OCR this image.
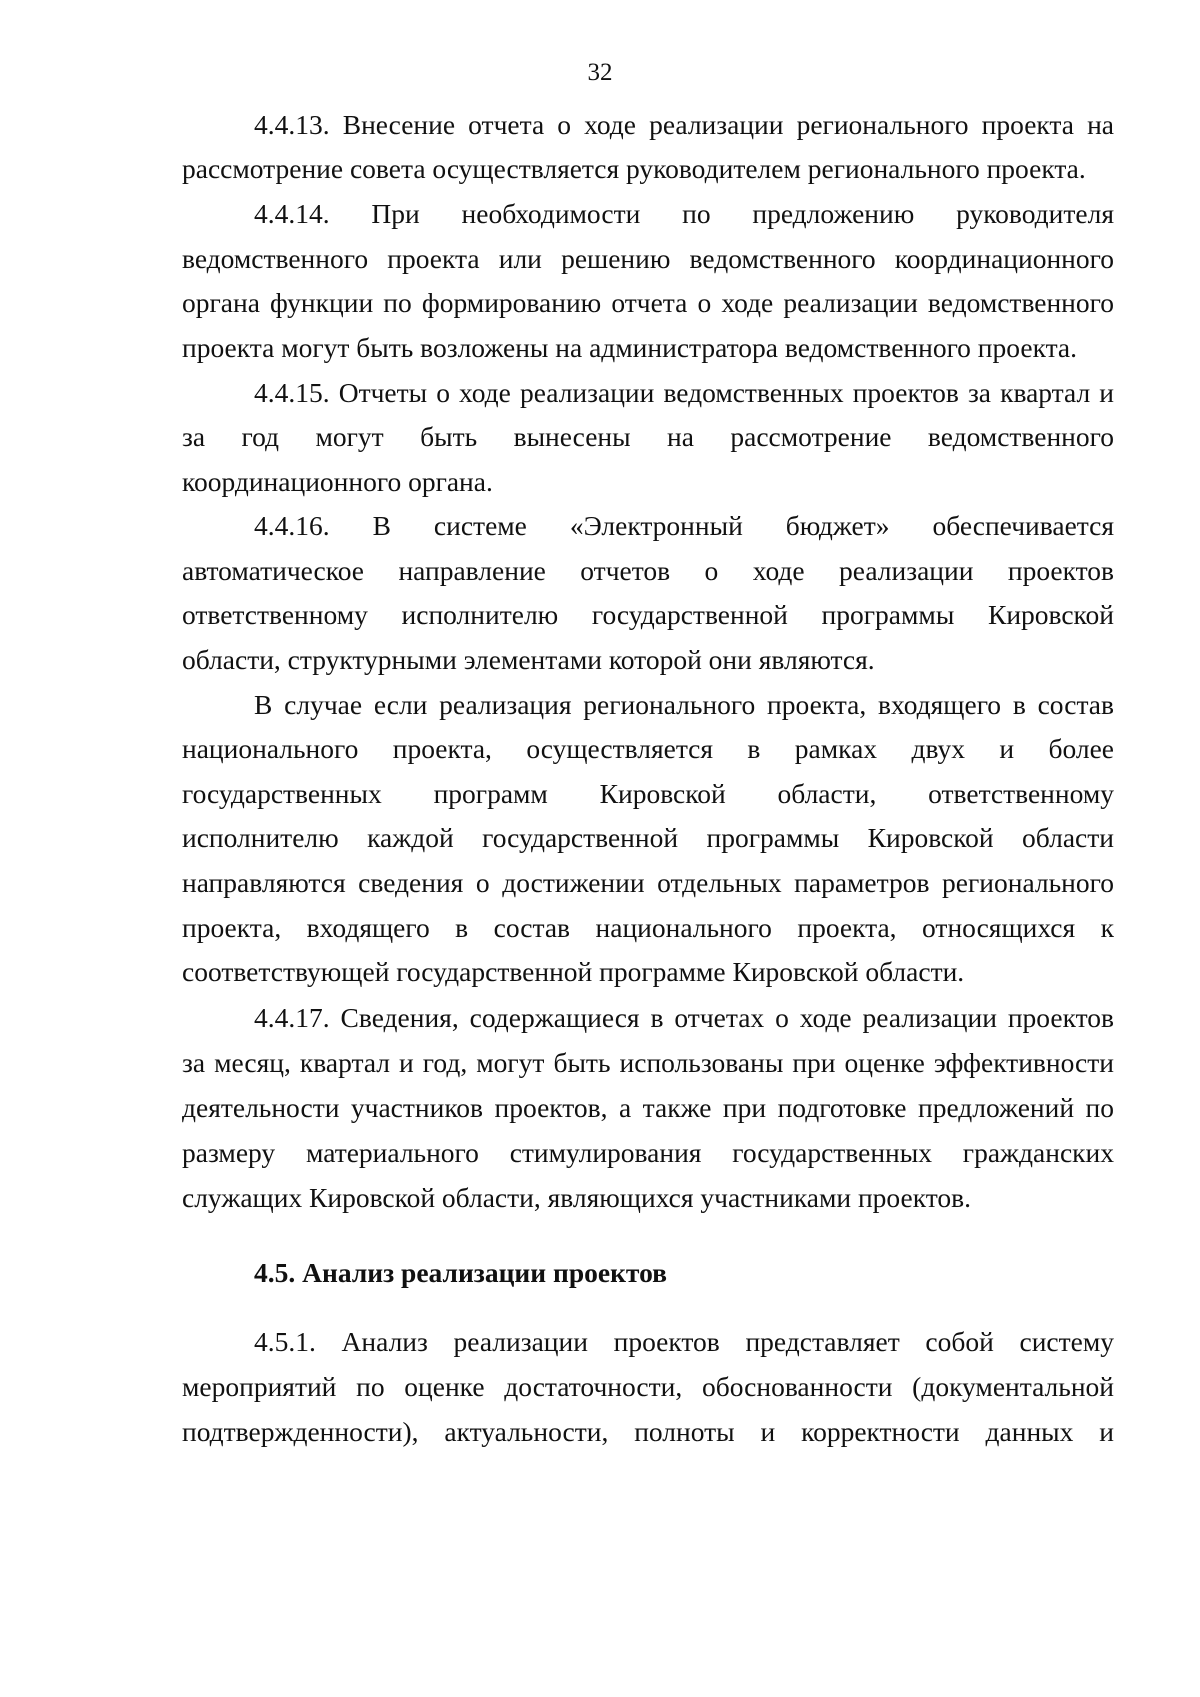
32
4.4.13. Внесение отчета о ходе реализации регионального проекта на
рассмотрение совета осуществляется руководителем регионального проекта.
4.4.14. При необходимости по предложению руководителя
ведомственного проекта или решению ведомственного координационного
органа функции по формированию отчета о ходе реализации ведомственного
проекта могут быть возложены на администратора ведомственного проекта.
4.4.15. Отчеты о ходе реализации ведомственных проектов за квартал и
за год могут быть вынесены на рассмотрение ведомственного
координационного органа.
4.4.16. В системе «Электронный бюджет» обеспечивается
автоматическое направление отчетов о ходе реализации проектов
ответственному исполнителю государственной программы Кировской
области, структурными элементами которой они являются.
В случае если реализация регионального проекта, входящего в состав
национального проекта, осуществляется в рамках двух и более
государственных программ Кировской области, ответственному
исполнителю каждой государственной программы Кировской области
направляются сведения о достижении отдельных параметров регионального
проекта, входящего в состав национального проекта, относящихся к
соответствующей государственной программе Кировской области.
4.4.17. Сведения, содержащиеся в отчетах о ходе реализации проектов
за месяц, квартал и год, могут быть использованы при оценке эффективности
деятельности участников проектов, а также при подготовке предложений по
размеру материального стимулирования государственных гражданских
служащих Кировской области, являющихся участниками проектов.
4.5. Анализ реализации проектов
4.5.1. Анализ реализации проектов представляет собой систему
мероприятий по оценке достаточности, обоснованности (документальной
подтвержденности), актуальности, полноты и корректности данных и
